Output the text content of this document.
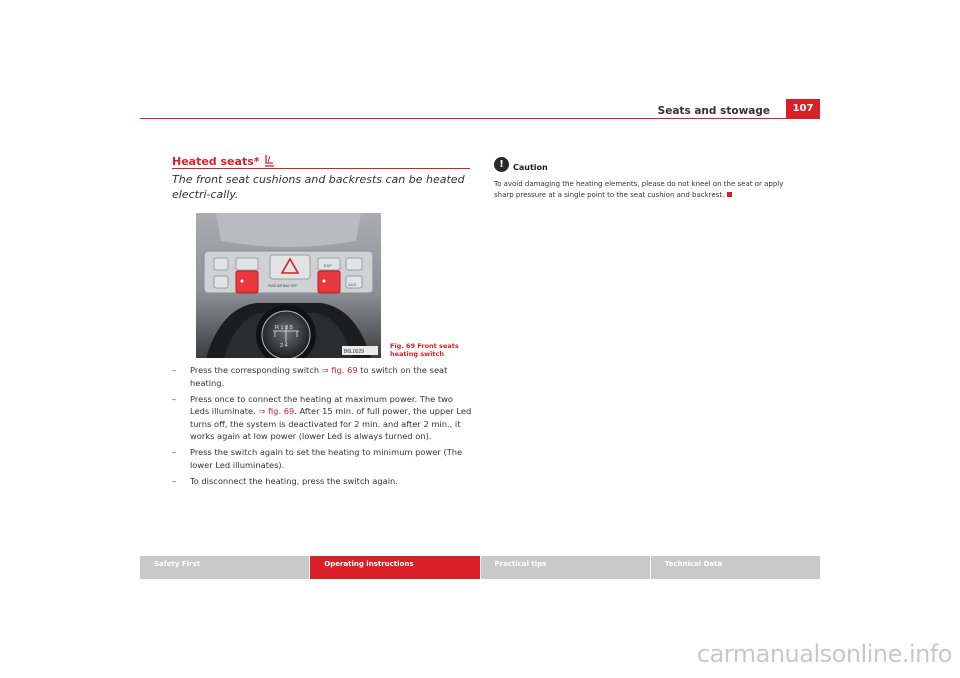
Seats and stowage	107
Heated seats*
The front seat cushions and backrests can be heated electri-cally.
ESP
AUX
PASS AIR BAG OFF
R 1 3 5
2 4
B6L0029
Fig. 69 Front seats
heating switch
– Press the corresponding switch ⇒ fig. 69 to switch on the seat heating.
– Press once to connect the heating at maximum power. The two Leds illuminate. ⇒ fig. 69. After 15 min. of full power, the upper Led turns off, the system is deactivated for 2 min. and after 2 min., it works again at low power (lower Led is always turned on).
– Press the switch again to set the heating to minimum power (The lower Led illuminates).
– To disconnect the heating, press the switch again.
!	Caution
To avoid damaging the heating elements, please do not kneel on the seat or apply sharp pressure at a single point to the seat cushion and backrest.
Safety First	Operating instructions	Practical tips	Technical Data
carmanualsonline.info
